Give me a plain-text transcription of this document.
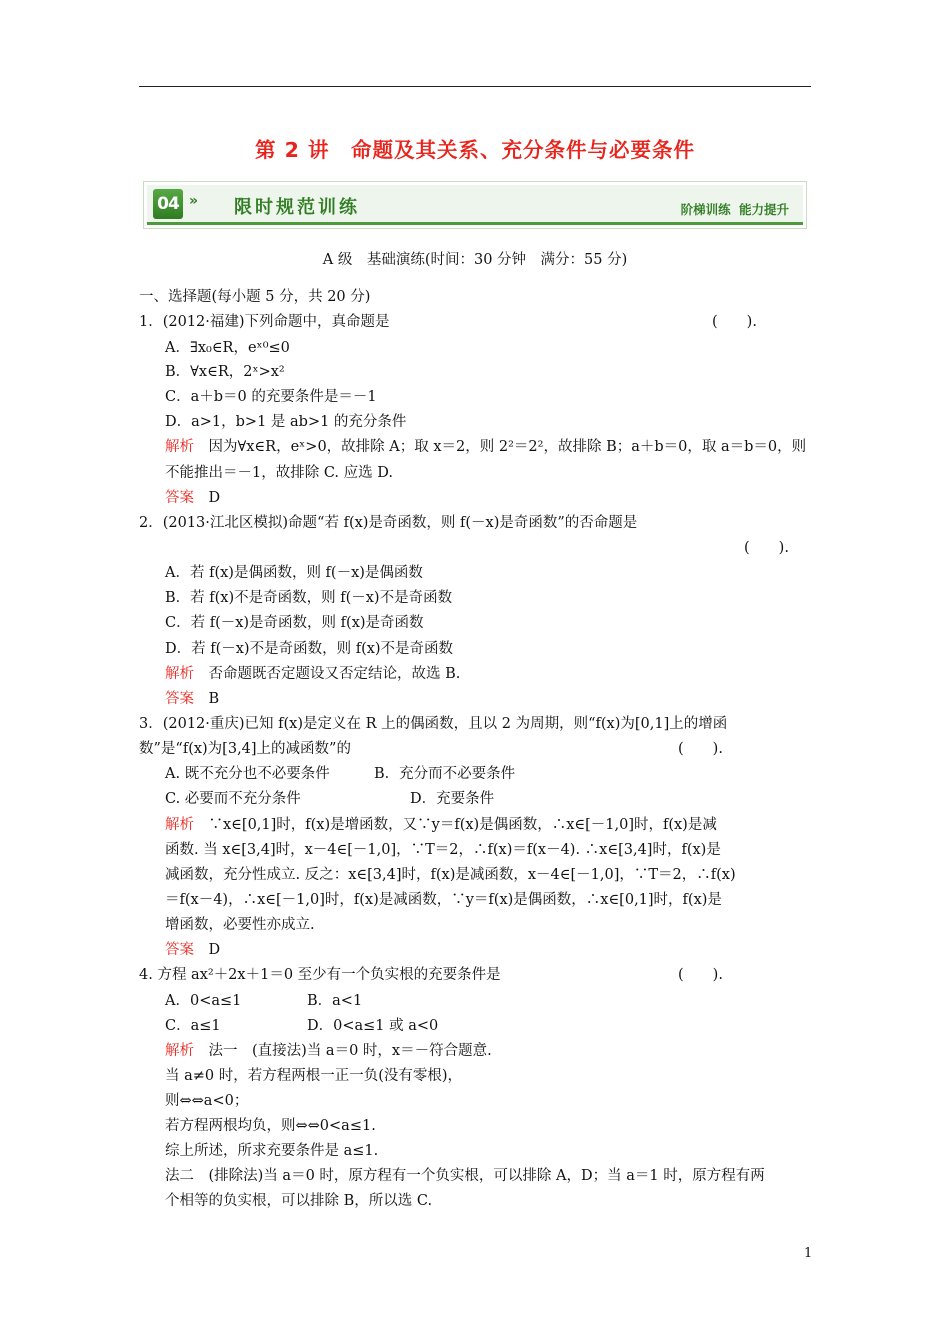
第 2 讲　命题及其关系、充分条件与必要条件
04 » 限时规范训练	阶梯训练 能力提升
A 级　基础演练(时间：30 分钟　满分：55 分)
一、选择题(每小题 5 分，共 20 分)
1．(2012·福建)下列命题中，真命题是	(　　).
A．∃x₀∈R，eˣ⁰≤0
B．∀x∈R，2ˣ>x²
C．a＋b＝0 的充要条件是＝－1
D．a>1，b>1 是 ab>1 的充分条件
解析　 因为∀x∈R，eˣ>0，故排除 A；取 x＝2，则 2²＝2²，故排除 B；a＋b＝0，取 a＝b＝0，则
不能推出＝－1，故排除 C. 应选 D.
答案　 D
2．(2013·江北区模拟)命题“若 f(x)是奇函数，则 f(－x)是奇函数”的否命题是
(　　).
A．若 f(x)是偶函数，则 f(－x)是偶函数
B．若 f(x)不是奇函数，则 f(－x)不是奇函数
C．若 f(－x)是奇函数，则 f(x)是奇函数
D．若 f(－x)不是奇函数，则 f(x)不是奇函数
解析　 否命题既否定题设又否定结论，故选 B.
答案　 B
3．(2012·重庆)已知 f(x)是定义在 R 上的偶函数，且以 2 为周期，则“f(x)为[0,1]上的增函
数”是“f(x)为[3,4]上的减函数”的	(　　).
A. 既不充分也不必要条件	B．充分而不必要条件
C. 必要而不充分条件	D．充要条件
解析　 ∵x∈[0,1]时，f(x)是增函数，又∵y＝f(x)是偶函数，∴x∈[－1,0]时，f(x)是减
函数. 当 x∈[3,4]时，x－4∈[－1,0]，∵T＝2，∴f(x)＝f(x－4). ∴x∈[3,4]时，f(x)是
减函数，充分性成立. 反之：x∈[3,4]时，f(x)是减函数，x－4∈[－1,0]，∵T＝2，∴f(x)
＝f(x－4)，∴x∈[－1,0]时，f(x)是减函数，∵y＝f(x)是偶函数，∴x∈[0,1]时，f(x)是
增函数，必要性亦成立.
答案　 D
4. 方程 ax²＋2x＋1＝0 至少有一个负实根的充要条件是	(　　).
A．0<a≤1	B．a<1
C．a≤1	D．0<a≤1 或 a<0
解析　 法一　(直接法)当 a＝0 时，x＝－符合题意.
当 a≠0 时，若方程两根一正一负(没有零根)，
则⇔⇔a<0；
若方程两根均负，则⇔⇔0<a≤1.
综上所述，所求充要条件是 a≤1.
法二　(排除法)当 a＝0 时，原方程有一个负实根，可以排除 A，D；当 a＝1 时，原方程有两
个相等的负实根，可以排除 B，所以选 C.
1
